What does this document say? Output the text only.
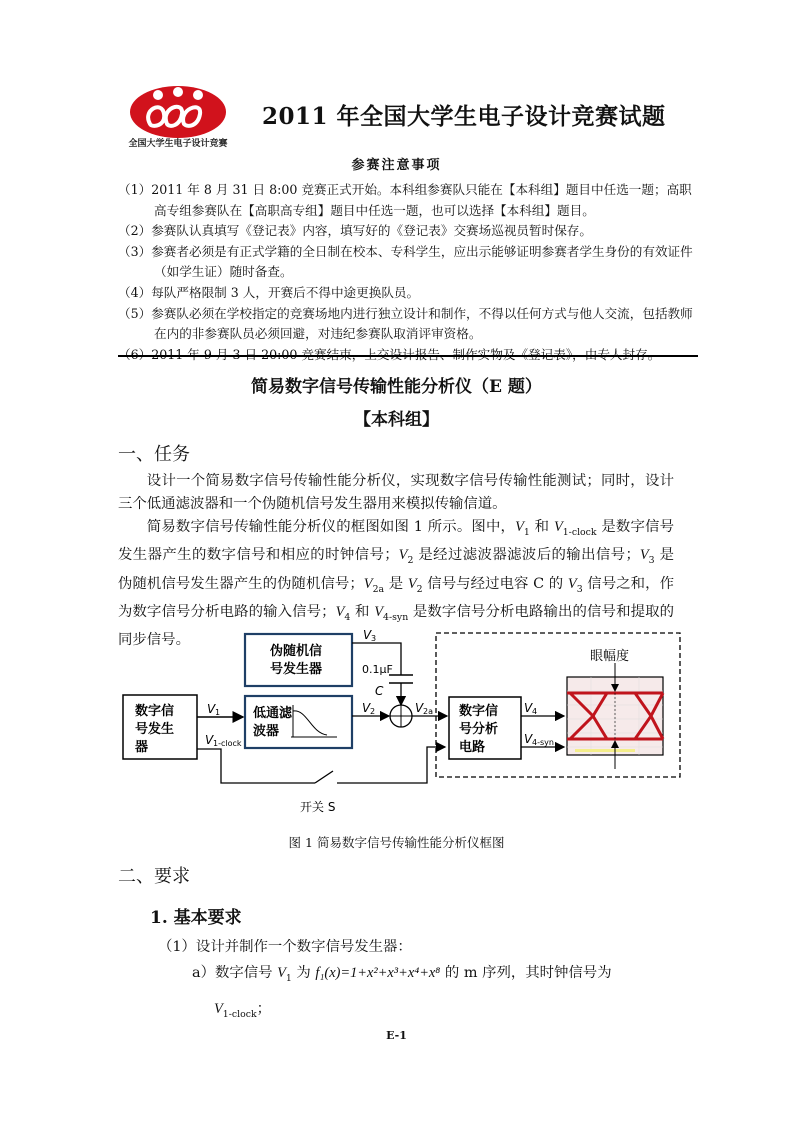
全国大学生电子设计竞赛
2011 年全国大学生电子设计竞赛试题
参赛注意事项
（1）2011 年 8 月 31 日 8:00 竞赛正式开始。本科组参赛队只能在【本科组】题目中任选一题；高职高专组参赛队在【高职高专组】题目中任选一题，也可以选择【本科组】题目。
（2）参赛队认真填写《登记表》内容，填写好的《登记表》交赛场巡视员暂时保存。
（3）参赛者必须是有正式学籍的全日制在校本、专科学生，应出示能够证明参赛者学生身份的有效证件（如学生证）随时备查。
（4）每队严格限制 3 人，开赛后不得中途更换队员。
（5）参赛队必须在学校指定的竞赛场地内进行独立设计和制作，不得以任何方式与他人交流，包括教师在内的非参赛队员必须回避，对违纪参赛队取消评审资格。
简易数字信号传输性能分析仪（E 题）
【本科组】
一、任务

设计一个简易数字信号传输性能分析仪，实现数字信号传输性能测试；同时，设计三个低通滤波器和一个伪随机信号发生器用来模拟传输信道。

简易数字信号传输性能分析仪的框图如图 1 所示。图中，$V_1$ 和 $V_{1-clock}$ 是数字信号发生器产生的数字信号和相应的时钟信号；$V_2$ 是经过滤波器滤波后的输出信号；$V_3$ 是伪随机信号发生器产生的伪随机信号；$V_{2a}$ 是 $V_2$ 信号与经过电容 C 的 $V_3$ 信号之和，作为数字信号分析电路的输入信号；$V_4$ 和 $V_{4-syn}$ 是数字信号分析电路输出的信号和提取的同步信号。

数字信
号发生
器
伪随机信
号发生器
低通滤
波器
V 1
V 1-clock
开关 S
V 3
0.1μF
C
V 2	V 2a 数字信
号分析
电路
V 4
V 4-syn
眼幅度
图 1 简易数字信号传输性能分析仪框图
二、要求
1. 基本要求
（1）设计并制作一个数字信号发生器：
a）数字信号 $V_1$ 为 f₁(x)=1+x²+x³+x⁴+x⁸ 的 m 序列，其时钟信号为
$V_{1-clock}$；
E-1
